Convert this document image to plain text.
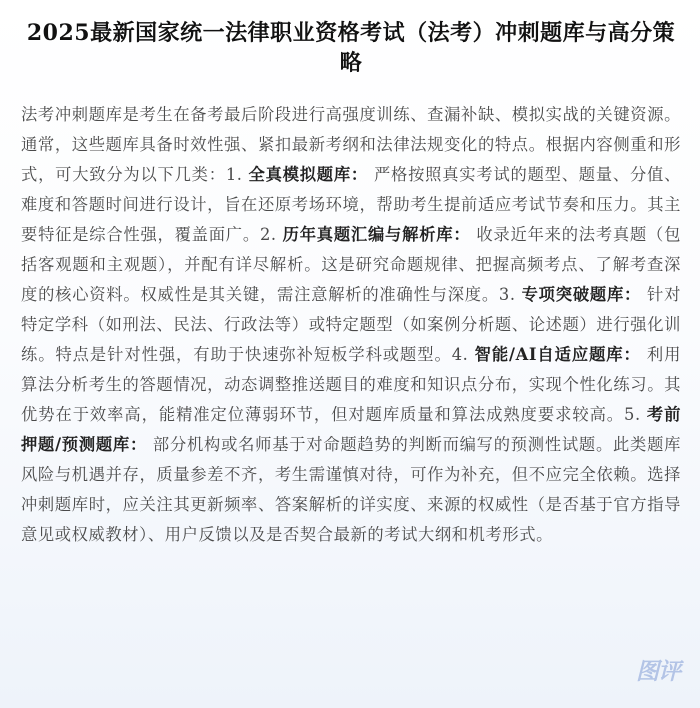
2025最新国家统一法律职业资格考试（法考）冲刺题库与高分策略

法考冲刺题库是考生在备考最后阶段进行高强度训练、查漏补缺、模拟实战的关键资源。通常，这些题库具备时效性强、紧扣最新考纲和法律法规变化的特点。根据内容侧重和形式，可大致分为以下几类：1. 全真模拟题库： 严格按照真实考试的题型、题量、分值、难度和答题时间进行设计，旨在还原考场环境，帮助考生提前适应考试节奏和压力。其主要特征是综合性强，覆盖面广。2. 历年真题汇编与解析库： 收录近年来的法考真题（包括客观题和主观题），并配有详尽解析。这是研究命题规律、把握高频考点、了解考查深度的核心资料。权威性是其关键，需注意解析的准确性与深度。3. 专项突破题库： 针对特定学科（如刑法、民法、行政法等）或特定题型（如案例分析题、论述题）进行强化训练。特点是针对性强，有助于快速弥补短板学科或题型。4. 智能/AI自适应题库： 利用算法分析考生的答题情况，动态调整推送题目的难度和知识点分布，实现个性化练习。其优势在于效率高，能精准定位薄弱环节，但对题库质量和算法成熟度要求较高。5. 考前押题/预测题库： 部分机构或名师基于对命题趋势的判断而编写的预测性试题。此类题库风险与机遇并存，质量参差不齐，考生需谨慎对待，可作为补充，但不应完全依赖。选择冲刺题库时，应关注其更新频率、答案解析的详实度、来源的权威性（是否基于官方指导意见或权威教材）、用户反馈以及是否契合最新的考试大纲和机考形式。

图评
